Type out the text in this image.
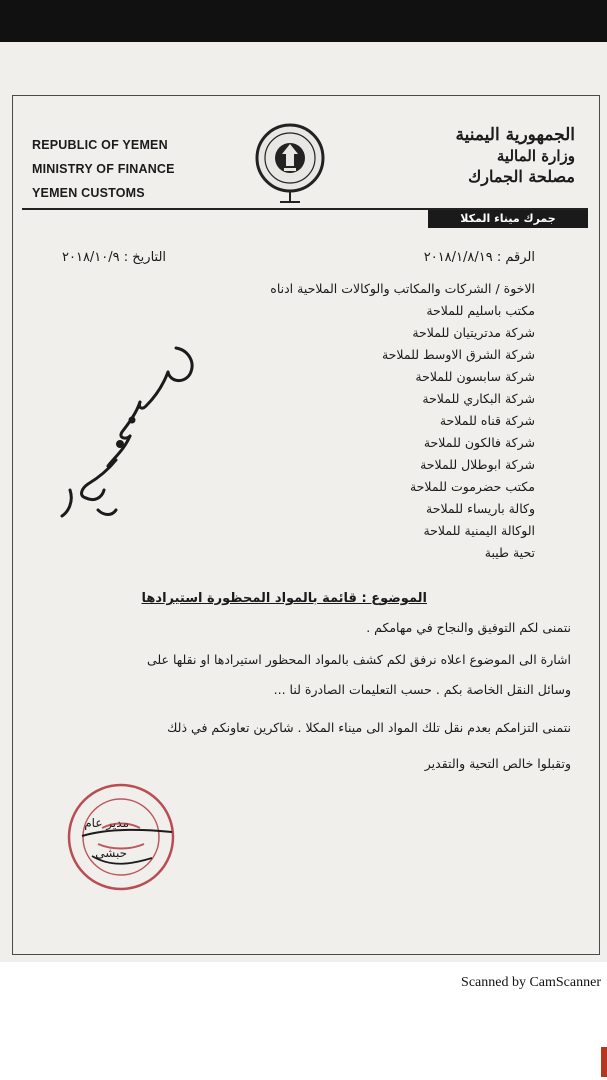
REPUBLIC OF YEMEN
MINISTRY OF FINANCE
YEMEN CUSTOMS
الجمهورية اليمنية
وزارة المالية
مصلحة الجمارك
جمرك ميناء المكلا
الرقم : ٢٠١٨/١/٨/١٩
التاريخ : ٢٠١٨/١٠/٩
الاخوة / الشركات والمكاتب والوكالات الملاحية ادناه
مكتب باسليم للملاحة
شركة مدتريتيان للملاحة
شركة الشرق الاوسط للملاحة
شركة سابسون للملاحة
شركة البكاري للملاحة
شركة قناه للملاحة
شركة فالكون للملاحة
شركة ابوطلال للملاحة
مكتب حضرموت للملاحة
وكالة باريساء للملاحة
الوكالة اليمنية للملاحة
تحية طيبة
الموضوع : قائمة بالمواد المحظورة استيرادها
نتمنى لكم التوفيق والنجاح في مهامكم .
اشارة الى الموضوع اعلاه نرفق لكم كشف بالمواد المحظور استيرادها او نقلها على
وسائل النقل الخاصة بكم . حسب التعليمات الصادرة لنا ...
نتمنى التزامكم بعدم نقل تلك المواد الى ميناء المكلا . شاكرين تعاونكم في ذلك
وتقبلوا خالص التحية والتقدير
مدير عام
حبشي
Scanned by CamScanner
